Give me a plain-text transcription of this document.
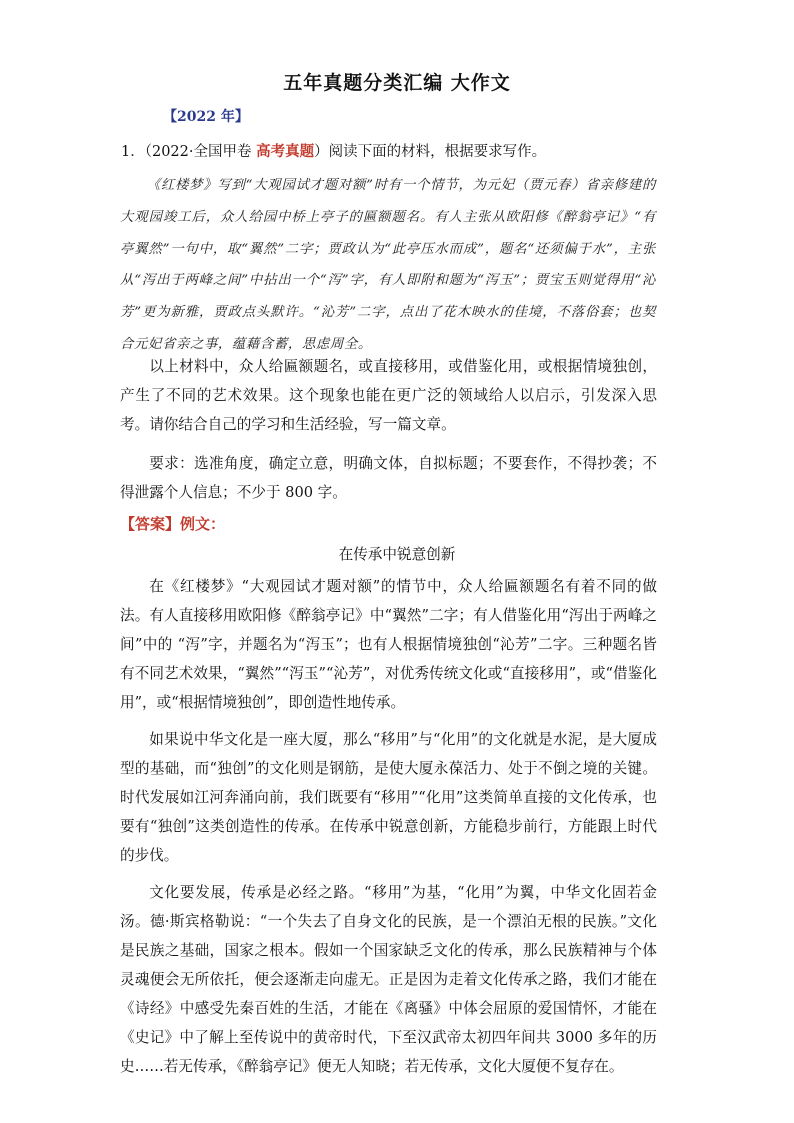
五年真题分类汇编 大作文
【2022 年】
1．（2022·全国甲卷 高考真题）阅读下面的材料，根据要求写作。

《红楼梦》写到“大观园试才题对额”时有一个情节，为元妃（贾元春）省亲修建的大观园竣工后，众人给园中桥上亭子的匾额题名。有人主张从欧阳修《醉翁亭记》“有亭翼然”一句中，取“翼然”二字；贾政认为“此亭压水而成”，题名“还须偏于水”，主张从“泻出于两峰之间”中拈出一个“泻”字，有人即附和题为“泻玉”；贾宝玉则觉得用“沁芳”更为新雅，贾政点头默许。“沁芳”二字，点出了花木映水的佳境，不落俗套；也契合元妃省亲之事，蕴藉含蓄，思虑周全。

以上材料中，众人给匾额题名，或直接移用，或借鉴化用，或根据情境独创，产生了不同的艺术效果。这个现象也能在更广泛的领域给人以启示，引发深入思考。请你结合自己的学习和生活经验，写一篇文章。

要求：选准角度，确定立意，明确文体，自拟标题；不要套作，不得抄袭；不得泄露个人信息；不少于 800 字。

【答案】例文：
在传承中锐意创新

在《红楼梦》“大观园试才题对额”的情节中，众人给匾额题名有着不同的做法。有人直接移用欧阳修《醉翁亭记》中“翼然”二字；有人借鉴化用“泻出于两峰之间”中的 “泻”字，并题名为“泻玉”；也有人根据情境独创“沁芳”二字。三种题名皆有不同艺术效果，“翼然”“泻玉”“沁芳”，对优秀传统文化或“直接移用”，或“借鉴化用”，或“根据情境独创”，即创造性地传承。

如果说中华文化是一座大厦，那么“移用”与“化用”的文化就是水泥，是大厦成型的基础，而“独创”的文化则是钢筋，是使大厦永葆活力、处于不倒之境的关键。时代发展如江河奔涌向前，我们既要有“移用”“化用”这类简单直接的文化传承，也要有“独创”这类创造性的传承。在传承中锐意创新，方能稳步前行，方能跟上时代的步伐。

文化要发展，传承是必经之路。“移用”为基，“化用”为翼，中华文化固若金汤。德·斯宾格勒说：“一个失去了自身文化的民族，是一个漂泊无根的民族。”文化是民族之基础，国家之根本。假如一个国家缺乏文化的传承，那么民族精神与个体灵魂便会无所依托，便会逐渐走向虚无。正是因为走着文化传承之路，我们才能在《诗经》中感受先秦百姓的生活，才能在《离骚》中体会屈原的爱国情怀，才能在《史记》中了解上至传说中的黄帝时代，下至汉武帝太初四年间共 3000 多年的历史……若无传承，《醉翁亭记》便无人知晓；若无传承，文化大厦便不复存在。
